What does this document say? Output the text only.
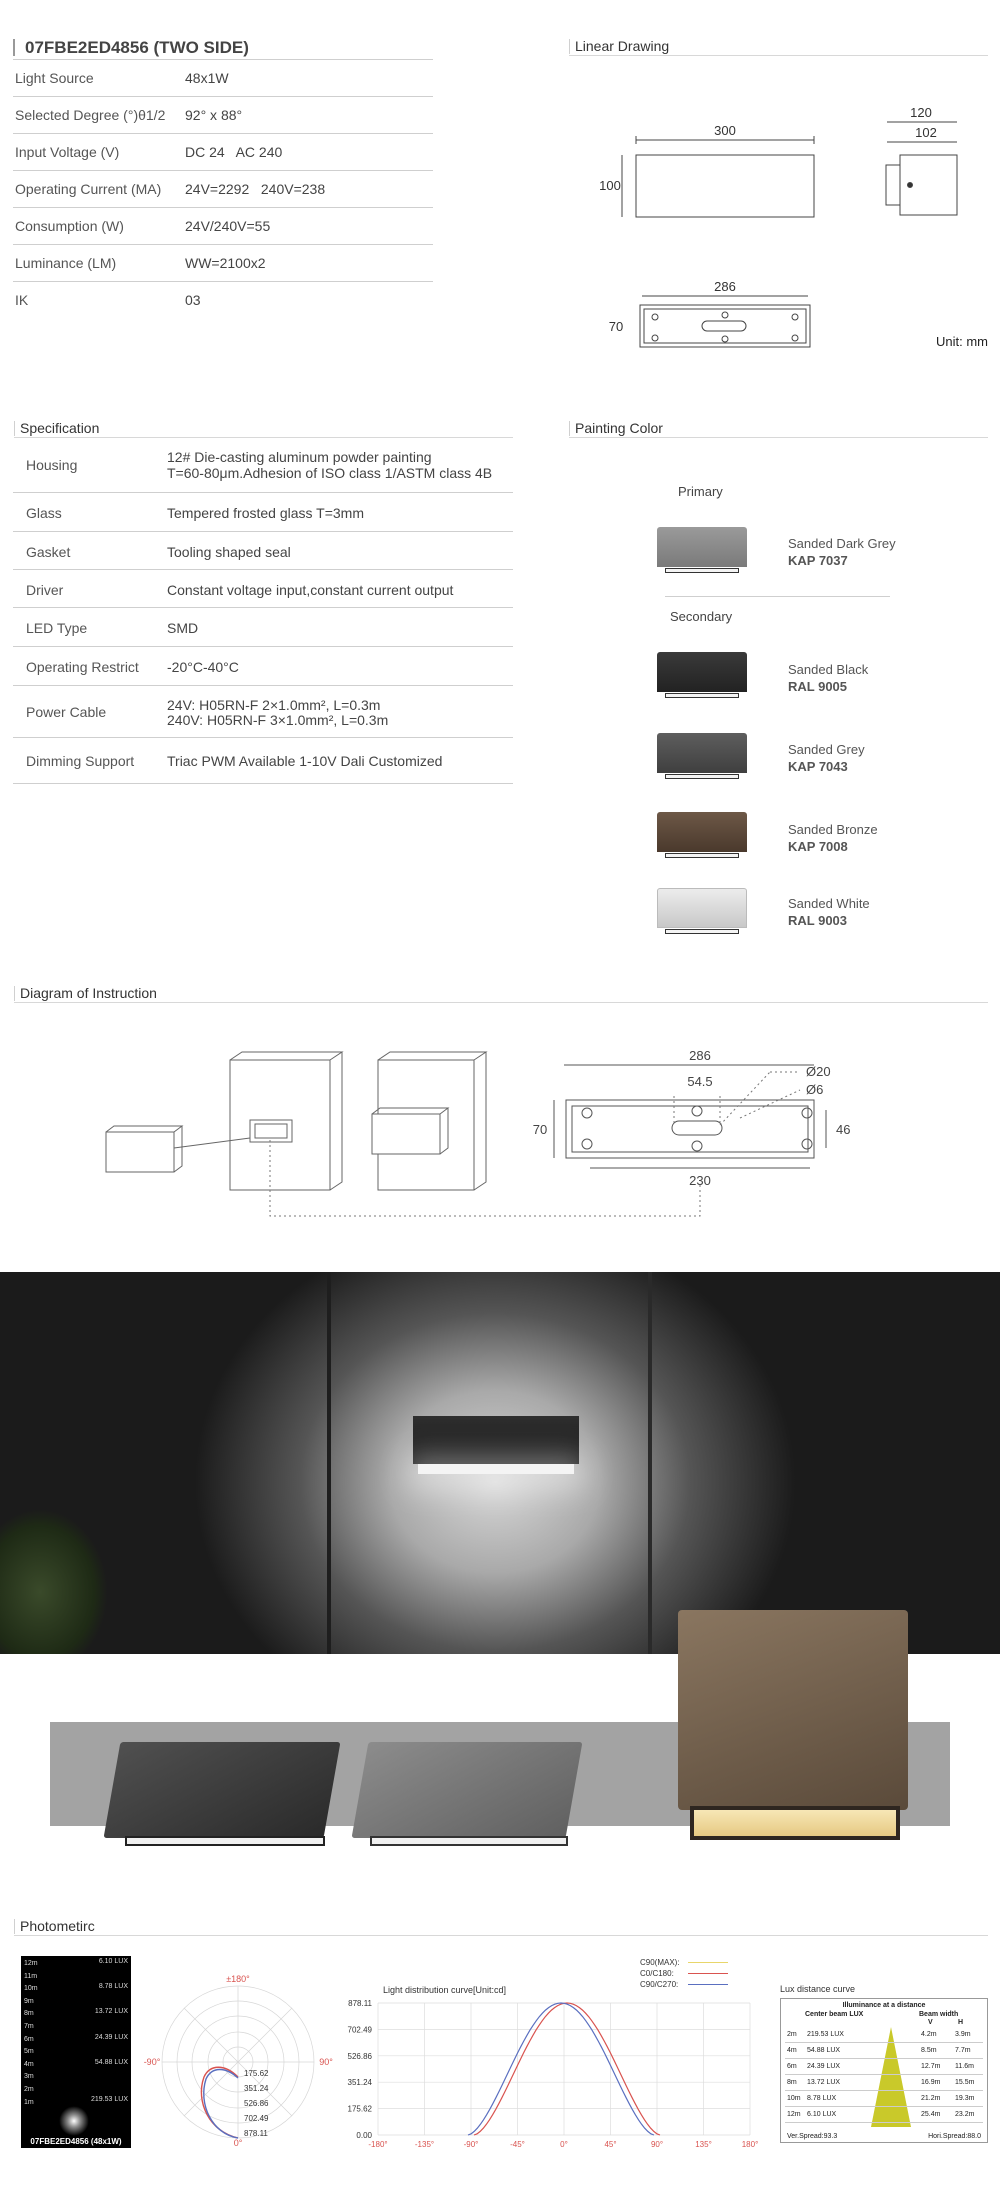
07FBE2ED4856 (TWO SIDE)
Light Source	48x1W
Selected Degree (°)θ1/2 92° x 88°
Input Voltage (V)	DC 24   AC 240
Operating Current (MA) 24V=2292   240V=238
Consumption (W)	24V/240V=55
Luminance (LM)	WW=2100x2
IK	03
Linear Drawing
300
100
120
102
286
70
Unit: mm
Specification
Housing	12# Die-casting aluminum powder painting
T=60-80μm.Adhesion of ISO class 1/ASTM class 4B
Glass	Tempered frosted glass T=3mm
Gasket	Tooling shaped seal
Driver	Constant voltage input,constant current output
LED Type	SMD
Operating Restrict -20°C-40°C
Power Cable	24V: H05RN-F 2×1.0mm², L=0.3m
240V: H05RN-F 3×1.0mm², L=0.3m
Dimming Support Triac PWM Available 1-10V Dali Customized
Painting Color
Primary
Sanded Dark Grey
KAP 7037
Secondary
Sanded Black
RAL 9005
Sanded Grey
KAP 7043
Sanded Bronze
KAP 7008
Sanded White
RAL 9003
Diagram of Instruction
286
54.5
Ø20
Ø6
70	46
230
Photometirc
12m
11m
10m
9m
8m
7m
6m
5m
4m
3m
2m
1m
6.10 LUX
8.78 LUX
13.72 LUX
24.39 LUX
54.88 LUX
219.53 LUX
07FBE2ED4856 (48x1W)
±180°
-90°	90°
0°
175.62
351.24
526.86
702.49
878.11
C90(MAX):
C0/C180:
C90/C270:
Light distribution curve[Unit:cd]
878.11
702.49
526.86
351.24
175.62
0.00
-180°	-135°	-90°	-45°	0°	45°	90°	135°	180°
Lux distance curve
Illuminance at a distance
Center beam LUX	Beam width
V	H
2m 219.53 LUX	4.2m	3.9m
4m 54.88 LUX	8.5m	7.7m
6m 24.39 LUX	12.7m 11.6m
8m 13.72 LUX	16.9m 15.5m
10m 8.78 LUX	21.2m 19.3m
12m 6.10 LUX	25.4m 23.2m
Ver.Spread:93.3	Hori.Spread:88.0
